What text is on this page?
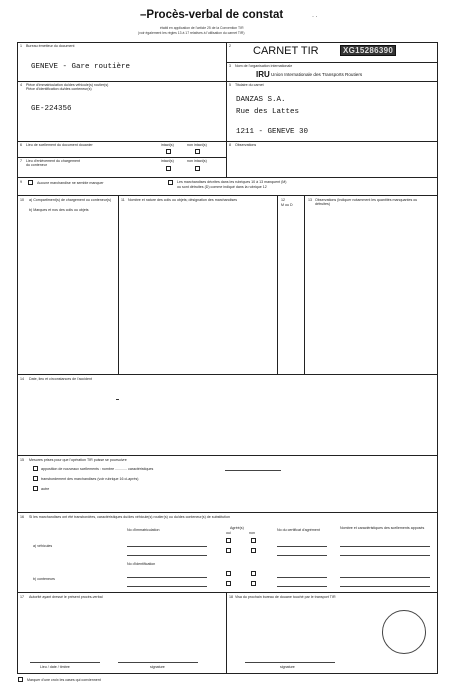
–Procès-verbal de constat
établi en application de l'article 25 de la Convention TIR
(voir également les règles 13 à 17 relatives à l'utilisation du carnet TIR)
· ·
1 Bureau émetteur du document
GENEVE - Gare routière
2 CARNET TIR	XG15286390
3 Nom de l'organisation internationale
IRU Union Internationale des Transports Routiers
4 Pièce d'immatriculation du/des véhicule(s) routier(s)
Pièce d'identification du/des conteneur(s)
GE-224356
5 Titulaire du carnet
DANZAS S.A.
Rue des Lattes
1211 - GENEVE 30
6 Lieu de scellement du document douanier	intact(s)	non intact(s)
7 Lieu d'enlèvement du chargement
du conteneur
intact(s)	non intact(s)
8 Observations
9	Aucune marchandise ne semble manquer	Les marchandises décrites dans les rubriques 10 à 13 manquent (M)
ou sont détruites (D) comme indiqué dans la rubrique 12
10 a) Compartiment(s) de chargement ou conteneur(s)
b) Marques et nos des colis ou objets
11 Nombre et nature des colis ou objets; désignation des marchandises	12
M ou D
13 Observations (Indiquer notamment les quantités manquantes ou détruites)
14 Date, lieu et circonstances de l'accident
15 Mesures prises pour que l'opération TIR puisse se poursuivre
apposition de nouveaux scellements : nombre ............ caractéristiques
transbordement des marchandises (voir rubrique 16 ci-après)
autre
16 Si les marchandises ont été transbordées, caractéristiques du/des véhicule(s) routier(s) ou du/des conteneur(s) de substitution
No d'immatriculation	Agréé(s)
oui	non
No du certificat d'agrément	Nombre et caractéristiques des scellements apposés
a) véhicules
No d'identification
b) conteneurs
17 Autorité ayant dressé le présent procès-verbal
Lieu / date / timbre	signature
18 Visa du prochain bureau de douane touché par le transport TIR
signature
Marquer d'une croix les cases qui conviennent
